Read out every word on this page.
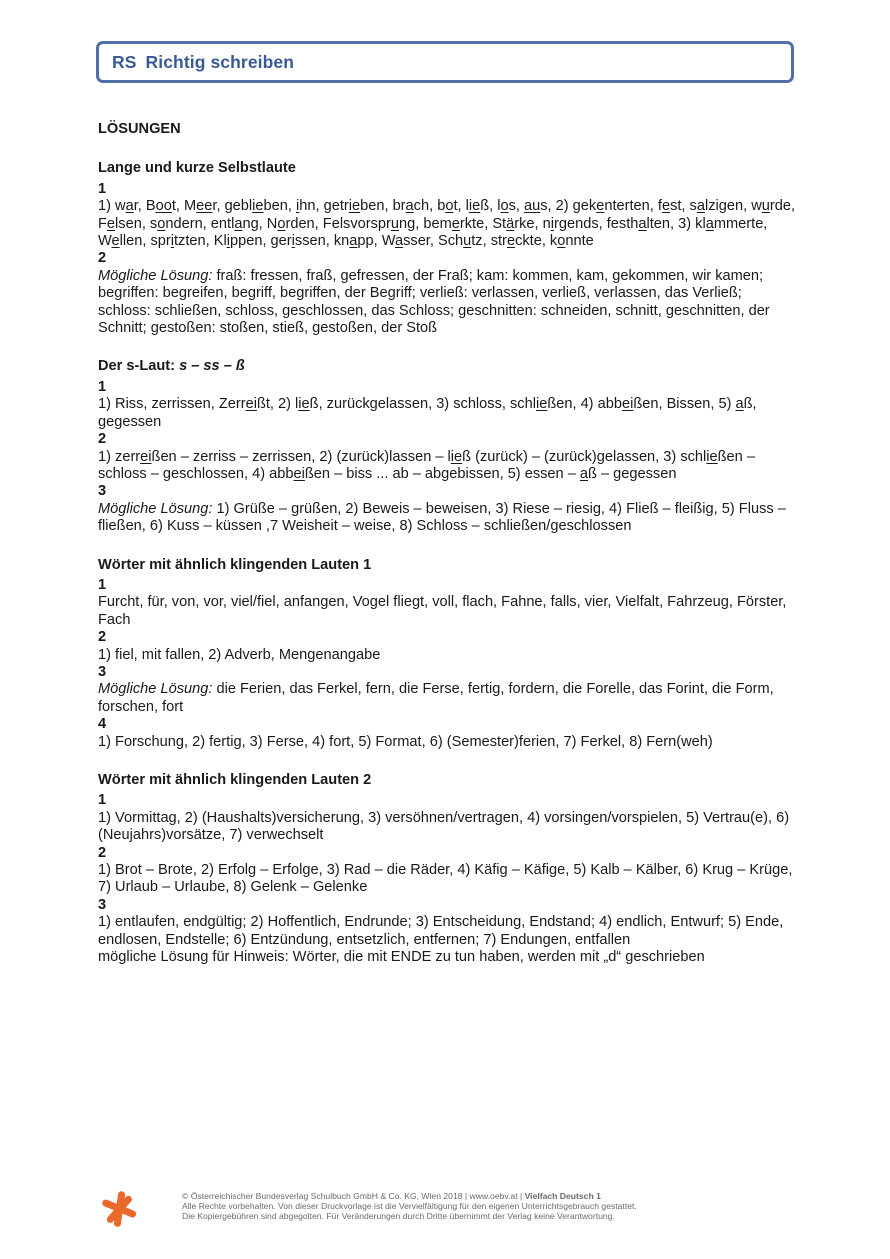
RS Richtig schreiben

LÖSUNGEN

Lange und kurze Selbstlaute

1

1) war, Boot, Meer, geblieben, ihn, getrieben, brach, bot, ließ, los, aus, 2) gekenterten, fest, salzigen, wurde, Felsen, sondern, entlang, Norden, Felsvorsprung, bemerkte, Stärke, nirgends, festhalten, 3) klammerte, Wellen, spritzten, Klippen, gerissen, knapp, Wasser, Schutz, streckte, konnte

2

Mögliche Lösung: fraß: fressen, fraß, gefressen, der Fraß; kam: kommen, kam, gekommen, wir kamen; begriffen: begreifen, begriff, begriffen, der Begriff; verließ: verlassen, verließ, verlassen, das Verließ; schloss: schließen, schloss, geschlossen, das Schloss; geschnitten: schneiden, schnitt, geschnitten, der Schnitt; gestoßen: stoßen, stieß, gestoßen, der Stoß

Der s-Laut: s – ss – ß

1

1) Riss, zerrissen, Zerreißt, 2) ließ, zurückgelassen, 3) schloss, schließen, 4) abbeißen, Bissen, 5) aß, gegessen

2

1) zerreißen – zerriss – zerrissen, 2) (zurück)lassen – ließ (zurück) – (zurück)gelassen, 3) schließen – schloss – geschlossen, 4) abbeißen – biss ... ab – abgebissen, 5) essen – aß – gegessen

3

Mögliche Lösung: 1) Grüße – grüßen, 2) Beweis – beweisen, 3) Riese – riesig, 4) Fließ – fleißig, 5) Fluss – fließen, 6) Kuss – küssen ,7 Weisheit – weise, 8) Schloss – schließen/geschlossen

Wörter mit ähnlich klingenden Lauten 1

1

Furcht, für, von, vor, viel/fiel, anfangen, Vogel fliegt, voll, flach, Fahne, falls, vier, Vielfalt, Fahrzeug, Förster, Fach

2

1) fiel, mit fallen, 2) Adverb, Mengenangabe

3

Mögliche Lösung: die Ferien, das Ferkel, fern, die Ferse, fertig, fordern, die Forelle, das Forint, die Form, forschen, fort

4

1) Forschung, 2) fertig, 3) Ferse, 4) fort, 5) Format, 6) (Semester)ferien, 7) Ferkel, 8) Fern(weh)

Wörter mit ähnlich klingenden Lauten 2

1

1) Vormittag, 2) (Haushalts)versicherung, 3) versöhnen/vertragen, 4) vorsingen/vorspielen, 5) Vertrau(e), 6) (Neujahrs)vorsätze, 7) verwechselt

2

1) Brot – Brote, 2) Erfolg – Erfolge, 3) Rad – die Räder, 4) Käfig – Käfige, 5) Kalb – Kälber, 6) Krug – Krüge, 7) Urlaub – Urlaube, 8) Gelenk – Gelenke

3

1) entlaufen, endgültig; 2) Hoffentlich, Endrunde; 3) Entscheidung, Endstand; 4) endlich, Entwurf; 5) Ende, endlosen, Endstelle; 6) Entzündung, entsetzlich, entfernen; 7) Endungen, entfallen

mögliche Lösung für Hinweis: Wörter, die mit ENDE zu tun haben, werden mit „d“ geschrieben

© Österreichischer Bundesverlag Schulbuch GmbH & Co. KG, Wien 2018 | www.oebv.at | Vielfach Deutsch 1

Alle Rechte vorbehalten. Von dieser Druckvorlage ist die Vervielfältigung für den eigenen Unterrichtsgebrauch gestattet.

Die Kopiergebühren sind abgegolten. Für Veränderungen durch Dritte übernimmt der Verlag keine Verantwortung.
